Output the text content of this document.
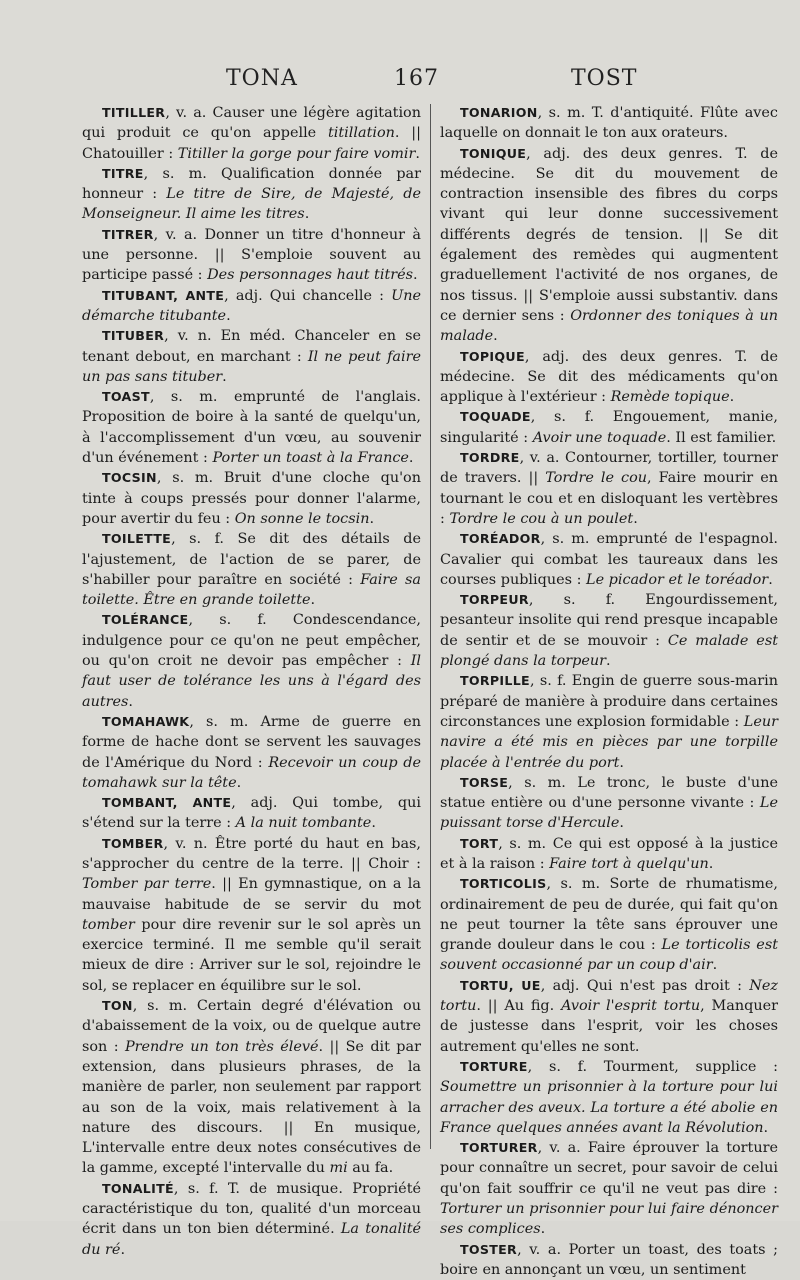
TONA	167	TOST

TITILLER, v. a. Causer une légère agitation qui produit ce qu'on appelle titillation. || Chatouiller : Titiller la gorge pour faire vomir.

TITRE, s. m. Qualification donnée par honneur : Le titre de Sire, de Majesté, de Monseigneur. Il aime les titres.

TITRER, v. a. Donner un titre d'honneur à une personne. || S'emploie souvent au participe passé : Des personnages haut titrés.

TITUBANT, ANTE, adj. Qui chancelle : Une démarche titubante.

TITUBER, v. n. En méd. Chanceler en se tenant debout, en marchant : Il ne peut faire un pas sans tituber.

TOAST, s. m. emprunté de l'anglais. Proposition de boire à la santé de quelqu'un, à l'accomplissement d'un vœu, au souvenir d'un événement : Porter un toast à la France.

TOCSIN, s. m. Bruit d'une cloche qu'on tinte à coups pressés pour donner l'alarme, pour avertir du feu : On sonne le tocsin.

TOILETTE, s. f. Se dit des détails de l'ajustement, de l'action de se parer, de s'habiller pour paraître en société : Faire sa toilette. Être en grande toilette.

TOLÉRANCE, s. f. Condescendance, indulgence pour ce qu'on ne peut empêcher, ou qu'on croit ne devoir pas empêcher : Il faut user de tolérance les uns à l'égard des autres.

TOMAHAWK, s. m. Arme de guerre en forme de hache dont se servent les sauvages de l'Amérique du Nord : Recevoir un coup de tomahawk sur la tête.

TOMBANT, ANTE, adj. Qui tombe, qui s'étend sur la terre : A la nuit tombante.

TOMBER, v. n. Être porté du haut en bas, s'approcher du centre de la terre. || Choir : Tomber par terre. || En gymnastique, on a la mauvaise habitude de se servir du mot tomber pour dire revenir sur le sol après un exercice terminé. Il me semble qu'il serait mieux de dire : Arriver sur le sol, rejoindre le sol, se replacer en équilibre sur le sol.

TON, s. m. Certain degré d'élévation ou d'abaissement de la voix, ou de quelque autre son : Prendre un ton très élevé. || Se dit par extension, dans plusieurs phrases, de la manière de parler, non seulement par rapport au son de la voix, mais relativement à la nature des discours. || En musique, L'intervalle entre deux notes consécutives de la gamme, excepté l'intervalle du mi au fa.

TONALITÉ, s. f. T. de musique. Propriété caractéristique du ton, qualité d'un morceau écrit dans un ton bien déterminé. La tonalité du ré.

TONARION, s. m. T. d'antiquité. Flûte avec laquelle on donnait le ton aux orateurs.

TONIQUE, adj. des deux genres. T. de médecine. Se dit du mouvement de contraction insensible des fibres du corps vivant qui leur donne successivement différents degrés de tension. || Se dit également des remèdes qui augmentent graduellement l'activité de nos organes, de nos tissus. || S'emploie aussi substantiv. dans ce dernier sens : Ordonner des toniques à un malade.

TOPIQUE, adj. des deux genres. T. de médecine. Se dit des médicaments qu'on applique à l'extérieur : Remède topique.

TOQUADE, s. f. Engouement, manie, singularité : Avoir une toquade. Il est familier.

TORDRE, v. a. Contourner, tortiller, tourner de travers. || Tordre le cou, Faire mourir en tournant le cou et en disloquant les vertèbres : Tordre le cou à un poulet.

TORÉADOR, s. m. emprunté de l'espagnol. Cavalier qui combat les taureaux dans les courses publiques : Le picador et le toréador.

TORPEUR, s. f. Engourdissement, pesanteur insolite qui rend presque incapable de sentir et de se mouvoir : Ce malade est plongé dans la torpeur.

TORPILLE, s. f. Engin de guerre sous-marin préparé de manière à produire dans certaines circonstances une explosion formidable : Leur navire a été mis en pièces par une torpille placée à l'entrée du port.

TORSE, s. m. Le tronc, le buste d'une statue entière ou d'une personne vivante : Le puissant torse d'Hercule.

TORT, s. m. Ce qui est opposé à la justice et à la raison : Faire tort à quelqu'un.

TORTICOLIS, s. m. Sorte de rhumatisme, ordinairement de peu de durée, qui fait qu'on ne peut tourner la tête sans éprouver une grande douleur dans le cou : Le torticolis est souvent occasionné par un coup d'air.

TORTU, UE, adj. Qui n'est pas droit : Nez tortu. || Au fig. Avoir l'esprit tortu, Manquer de justesse dans l'esprit, voir les choses autrement qu'elles ne sont.

TORTURE, s. f. Tourment, supplice : Soumettre un prisonnier à la torture pour lui arracher des aveux. La torture a été abolie en France quelques années avant la Révolution.

TORTURER, v. a. Faire éprouver la torture pour connaître un secret, pour savoir de celui qu'on fait souffrir ce qu'il ne veut pas dire : Torturer un prisonnier pour lui faire dénoncer ses complices.

TOSTER, v. a. Porter un toast, des toats ; boire en annonçant un vœu, un sentiment
